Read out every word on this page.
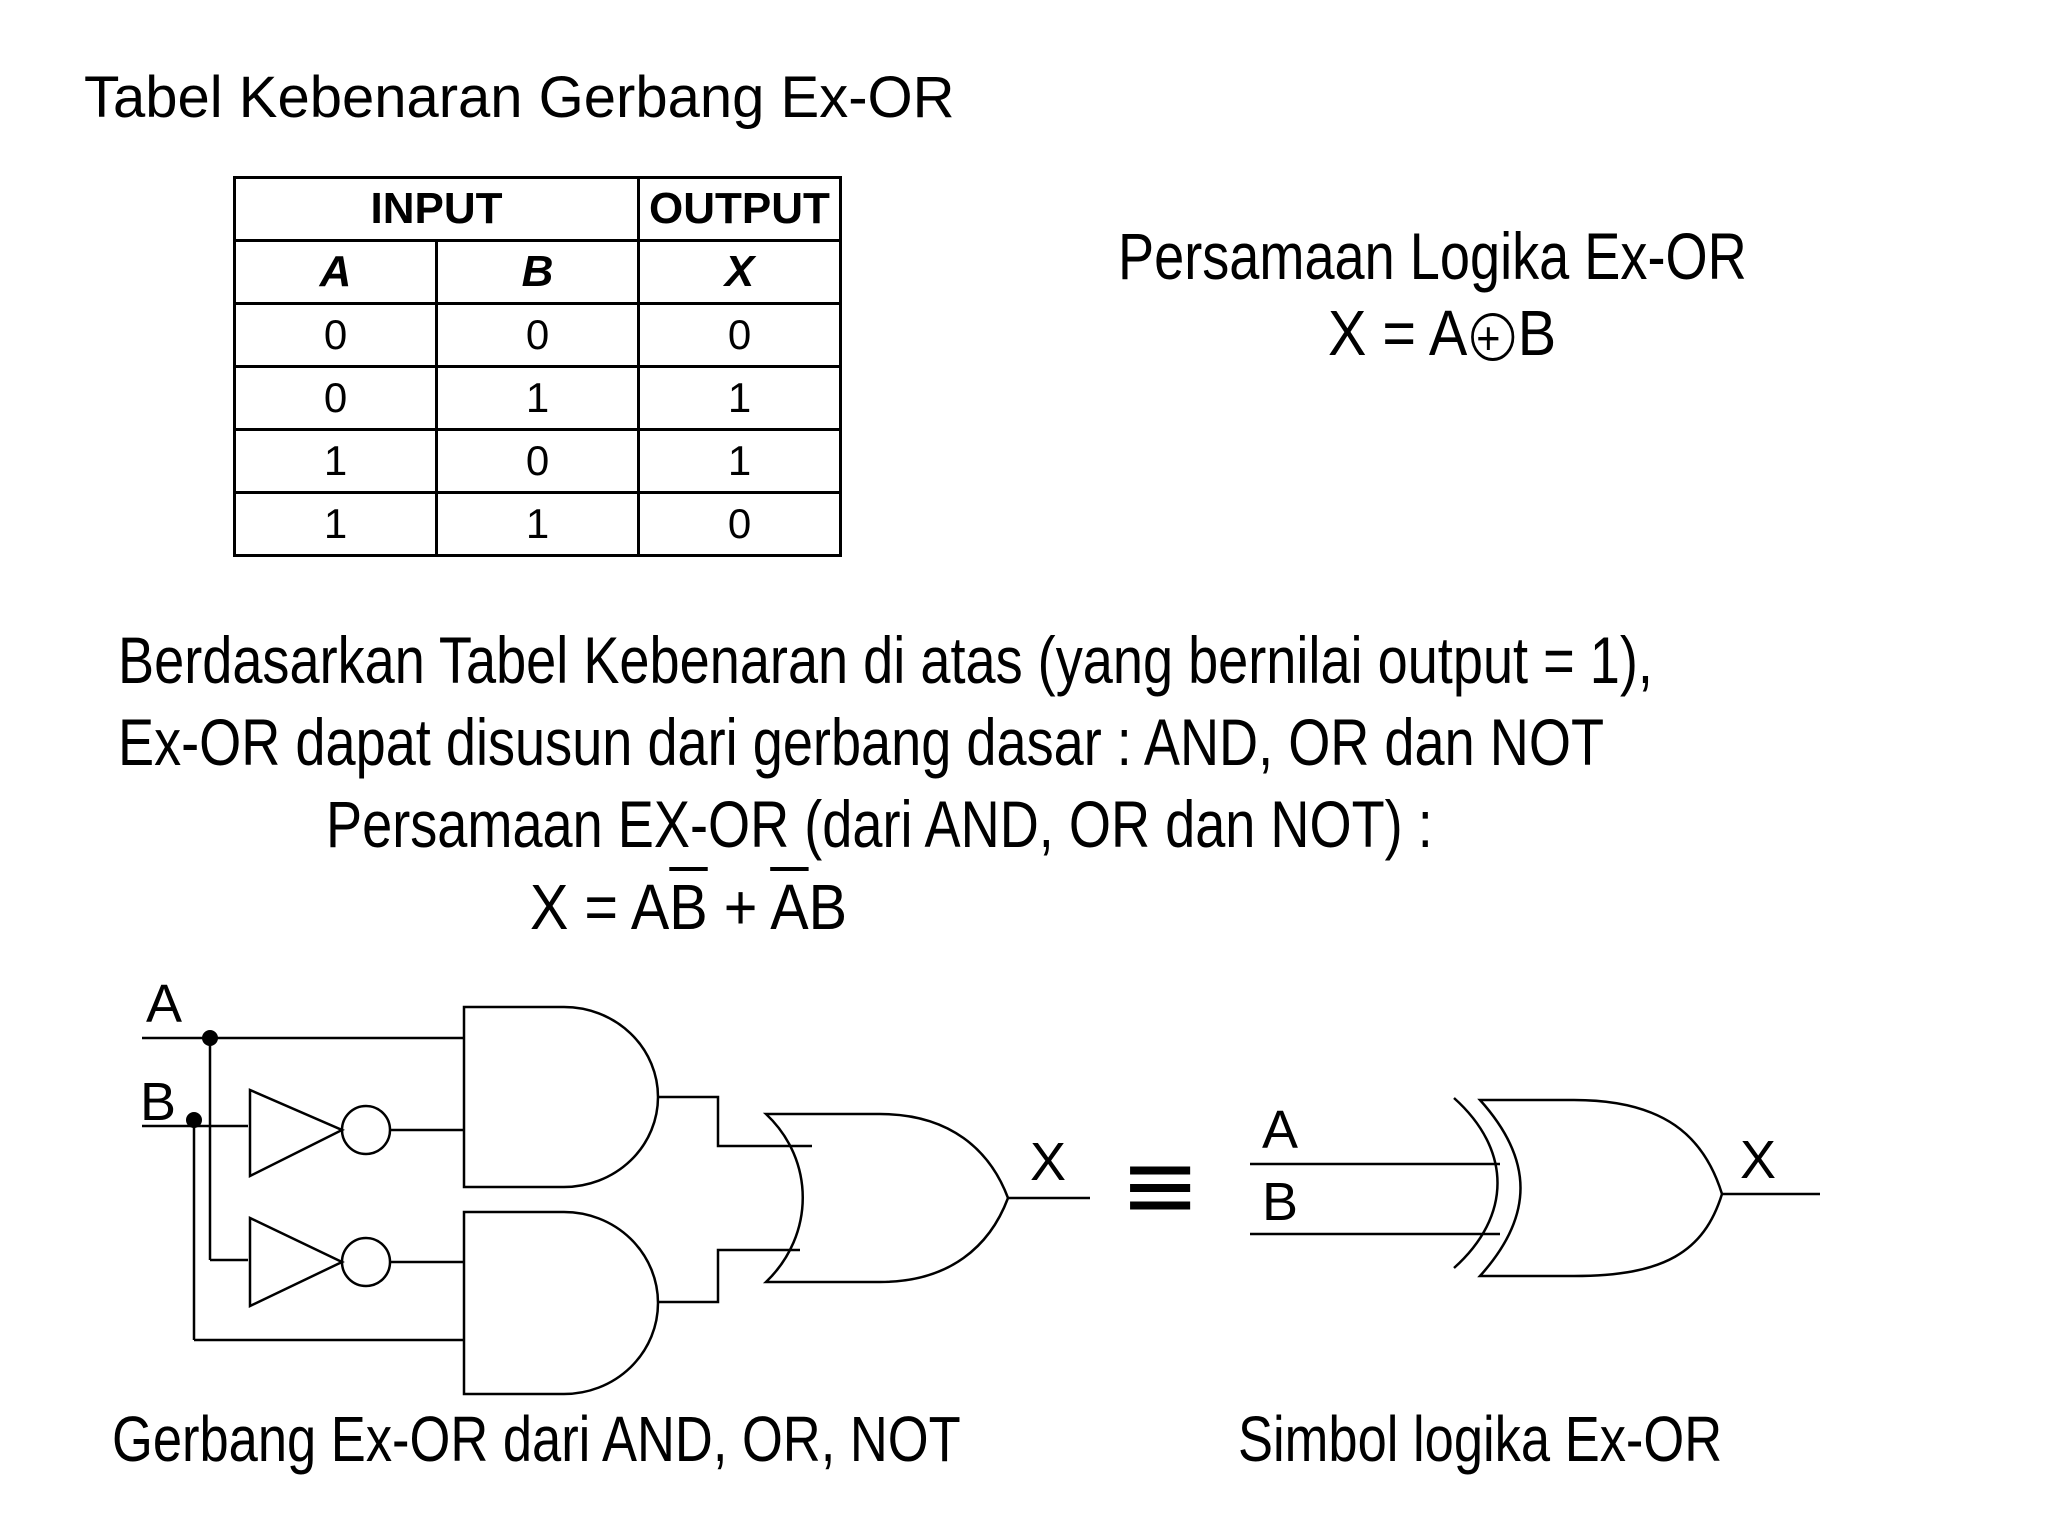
Tabel Kebenaran Gerbang Ex-OR
INPUT		OUTPUT
A	B	X
0	0	0
0	1	1
1	0	1
1	1	0
Persamaan Logika Ex-OR
X = A + B
Berdasarkan Tabel Kebenaran di atas (yang bernilai output = 1),
Ex-OR dapat disusun dari gerbang dasar : AND, OR dan NOT
Persamaan EX-OR (dari AND, OR dan NOT) :
$X = A\overline{B} + \overline{A}B$
A
B
X ≡ A
B
X
Gerbang Ex-OR dari AND, OR, NOT	Simbol logika Ex-OR
